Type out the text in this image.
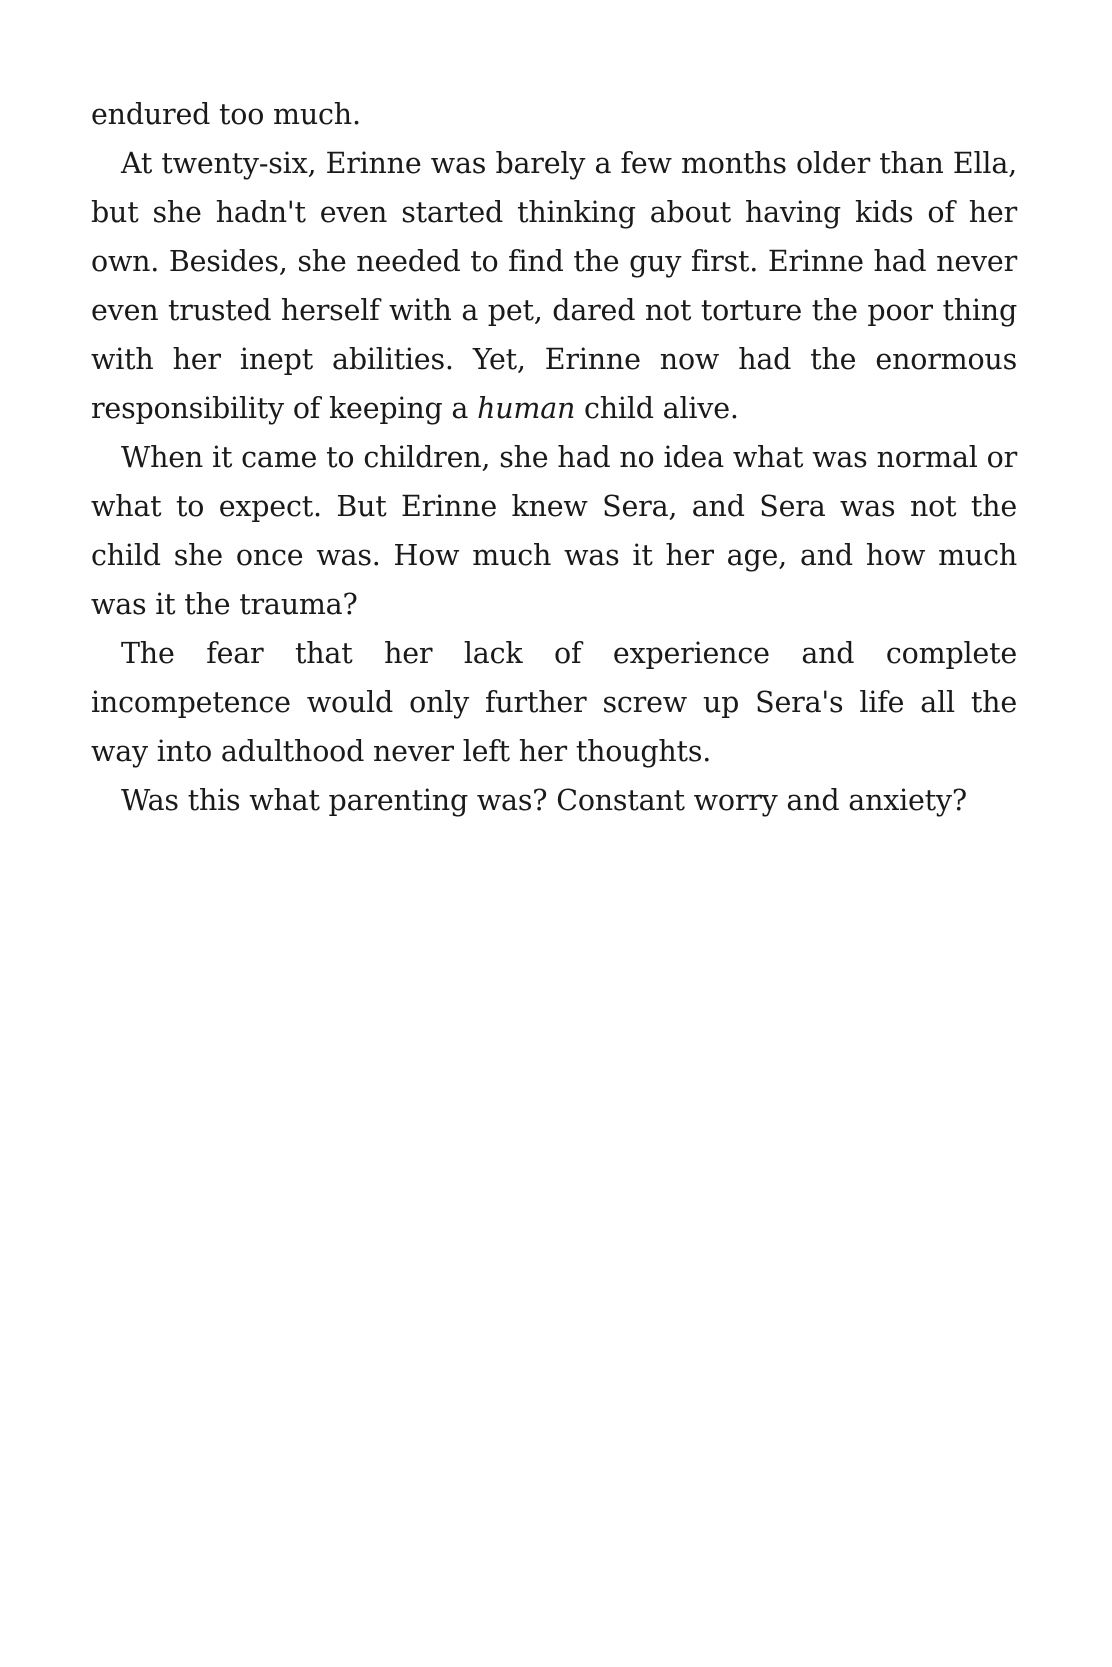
endured too much.

At twenty-six, Erinne was barely a few months older than Ella, but she hadn't even started thinking about having kids of her own. Besides, she needed to find the guy first. Erinne had never even trusted herself with a pet, dared not torture the poor thing with her inept abilities. Yet, Erinne now had the enormous responsibility of keeping a human child alive.

When it came to children, she had no idea what was normal or what to expect. But Erinne knew Sera, and Sera was not the child she once was. How much was it her age, and how much was it the trauma?

The fear that her lack of experience and complete incompetence would only further screw up Sera's life all the way into adulthood never left her thoughts.

Was this what parenting was? Constant worry and anxiety?
